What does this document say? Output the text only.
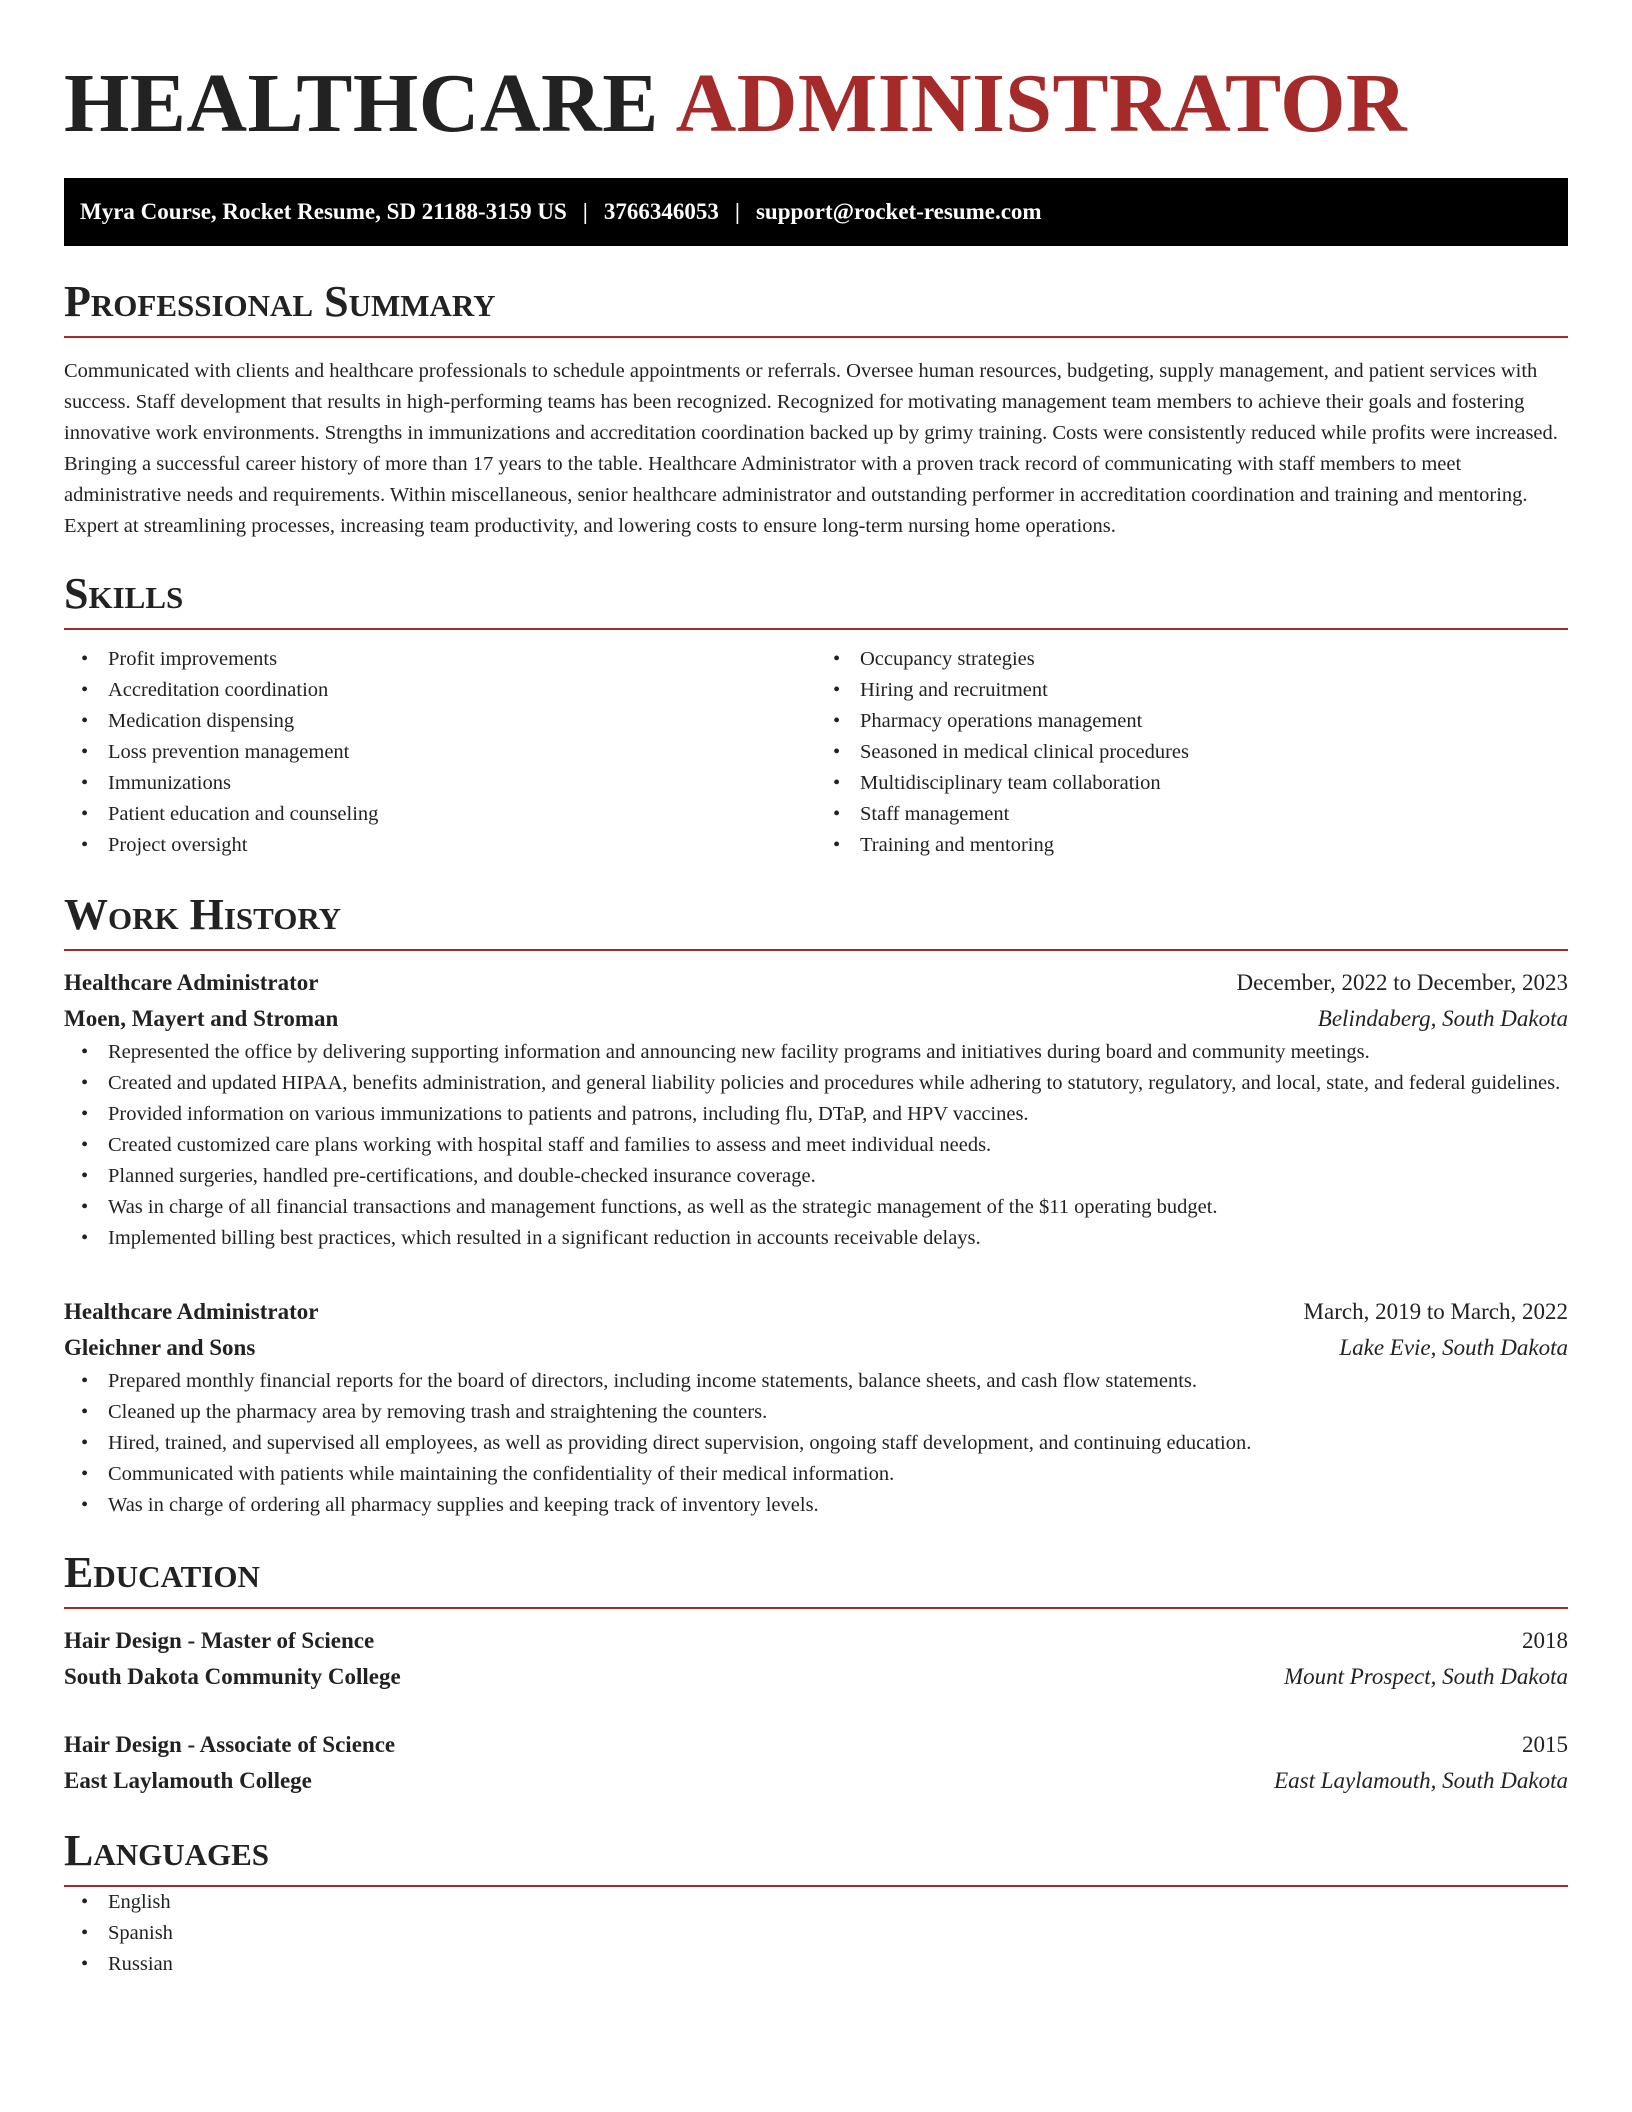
HEALTHCARE ADMINISTRATOR
Myra Course, Rocket Resume, SD 21188-3159 US | 3766346053 | support@rocket-resume.com
Professional Summary

Communicated with clients and healthcare professionals to schedule appointments or referrals. Oversee human resources, budgeting, supply management, and patient services with success. Staff development that results in high-performing teams has been recognized. Recognized for motivating management team members to achieve their goals and fostering innovative work environments. Strengths in immunizations and accreditation coordination backed up by grimy training. Costs were consistently reduced while profits were increased. Bringing a successful career history of more than 17 years to the table. Healthcare Administrator with a proven track record of communicating with staff members to meet administrative needs and requirements. Within miscellaneous, senior healthcare administrator and outstanding performer in accreditation coordination and training and mentoring. Expert at streamlining processes, increasing team productivity, and lowering costs to ensure long-term nursing home operations.

Skills
• Profit improvements
• Accreditation coordination
• Medication dispensing
• Loss prevention management
• Immunizations
• Patient education and counseling
• Project oversight
• Occupancy strategies
• Hiring and recruitment
• Pharmacy operations management
• Seasoned in medical clinical procedures
• Multidisciplinary team collaboration
• Staff management
• Training and mentoring
Work History
Healthcare Administrator	December, 2022 to December, 2023
Moen, Mayert and Stroman	Belindaberg, South Dakota
• Represented the office by delivering supporting information and announcing new facility programs and initiatives during board and community meetings.
• Created and updated HIPAA, benefits administration, and general liability policies and procedures while adhering to statutory, regulatory, and local, state, and federal guidelines.
• Provided information on various immunizations to patients and patrons, including flu, DTaP, and HPV vaccines.
• Created customized care plans working with hospital staff and families to assess and meet individual needs.
• Planned surgeries, handled pre-certifications, and double-checked insurance coverage.
• Was in charge of all financial transactions and management functions, as well as the strategic management of the $11 operating budget.
• Implemented billing best practices, which resulted in a significant reduction in accounts receivable delays.
Healthcare Administrator	March, 2019 to March, 2022
Gleichner and Sons	Lake Evie, South Dakota
• Prepared monthly financial reports for the board of directors, including income statements, balance sheets, and cash flow statements.
• Cleaned up the pharmacy area by removing trash and straightening the counters.
• Hired, trained, and supervised all employees, as well as providing direct supervision, ongoing staff development, and continuing education.
• Communicated with patients while maintaining the confidentiality of their medical information.
• Was in charge of ordering all pharmacy supplies and keeping track of inventory levels.
Education
Hair Design - Master of Science	2018
South Dakota Community College	Mount Prospect, South Dakota
Hair Design - Associate of Science	2015
East Laylamouth College	East Laylamouth, South Dakota
Languages
• English
• Spanish
• Russian
